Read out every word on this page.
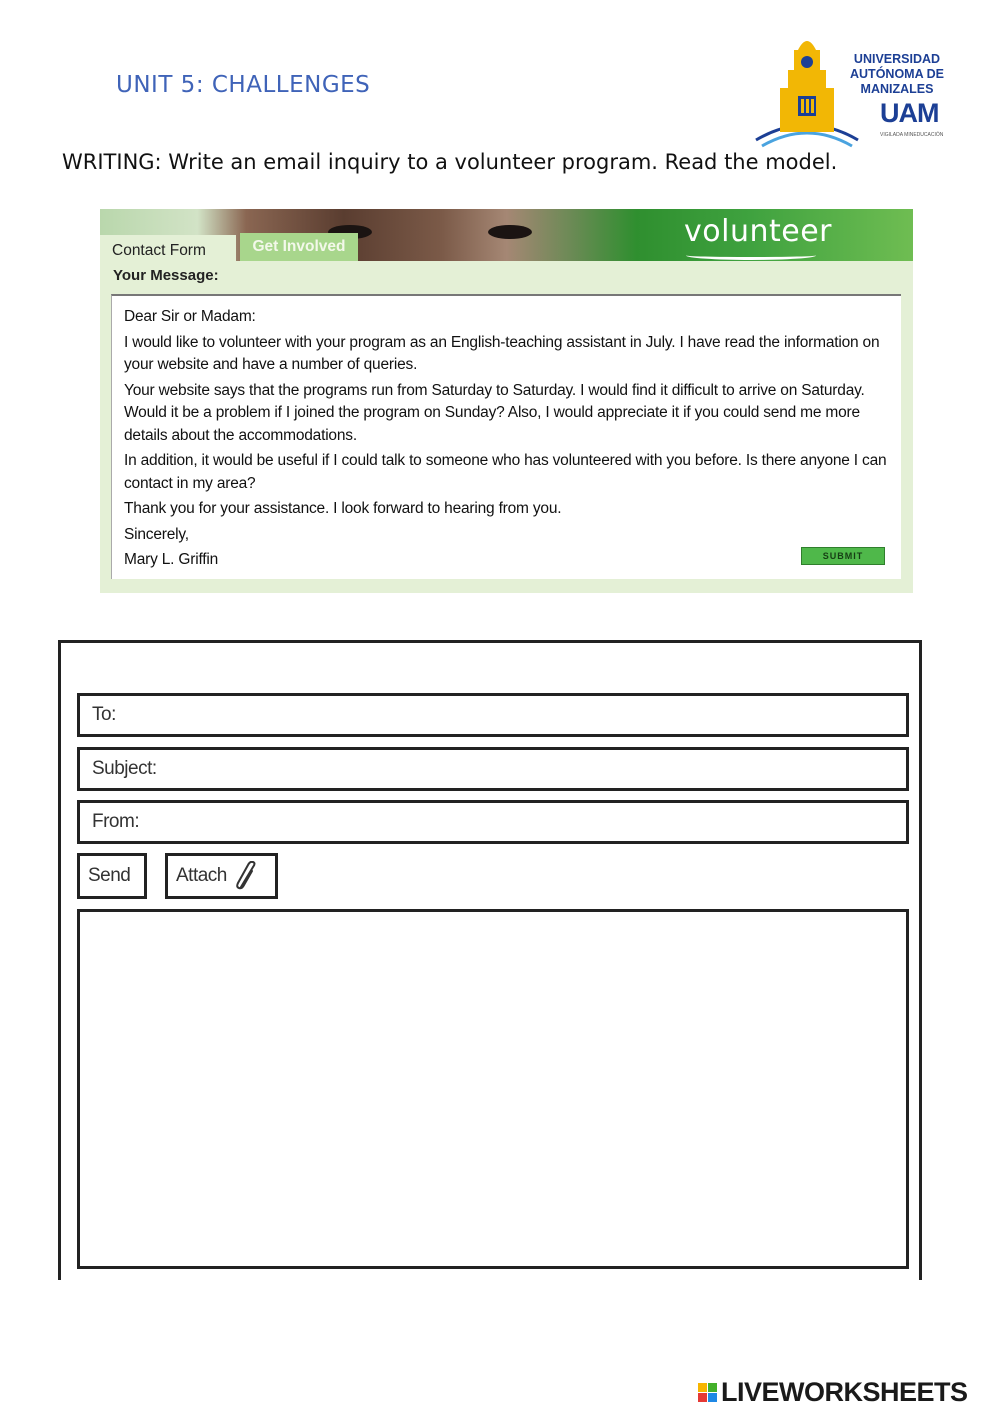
UNIT 5: CHALLENGES
UNIVERSIDAD
AUTÓNOMA DE
MANIZALES
UAM
VIGILADA MINEDUCACIÓN
WRITING: Write an email inquiry to a volunteer program. Read the model.
volunteer
Contact Form	Get Involved
Your Message:

Dear Sir or Madam:

I would like to volunteer with your program as an English-teaching assistant in July. I have read the information on your website and have a number of queries.

Your website says that the programs run from Saturday to Saturday. I would find it difficult to arrive on Saturday. Would it be a problem if I joined the program on Sunday? Also, I would appreciate it if you could send me more details about the accommodations.

In addition, it would be useful if I could talk to someone who has volunteered with you before. Is there anyone I can contact in my area?

Thank you for your assistance. I look forward to hearing from you.

Sincerely,

Mary L. Griffin	SUBMIT
To:
Subject:
From:
Send	Attach
LIVEWORKSHEETS
